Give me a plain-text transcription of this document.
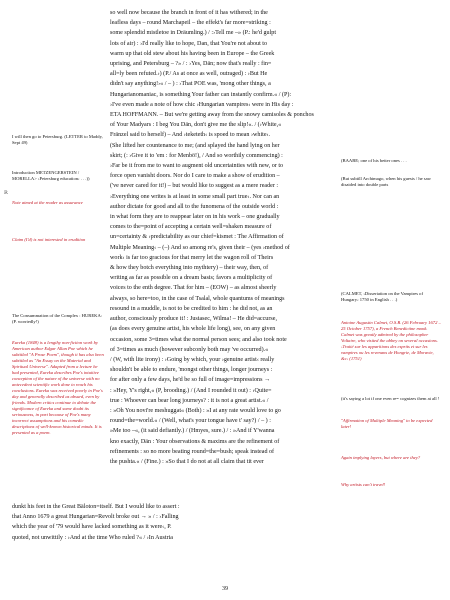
R
so well now because the branch in front of it has withered; in the
leafless days – round Marchapeil – the effekt's far more=striking :
some splendid mistletoe in Dräumling.) / :›Tell me –» (P.: he'd gulpt
lots of air) : ›I'd really like to hope, Dan, that You're not about to
warm up that old stew about his having been in Europe – the Greek
uprising, and Petersburg – ?» / : ›Yes, Dän; now that's really : fin=
all=ly been refuted.›) (P./ As at once as well, outraged) : ›But He
didn't say anything!›« / – ) : ›That POE was, 'mong other things, a
Hungarianomaniac, is something Your father can instantly confirm.« / (P):
›I've even made a note of how chic ›Hungarian vampires‹ were in His day :
ETA HOFFMANN. – But we're getting away from the snowy camisoles & ponchos
of Your Madyars : I beg You Dän, don't give me the slip!«. / (›White,«
Fränzel said to herself) – And ›teketeth‹ is spoed to mean ›white‹.
(She lifted her countenance to me; (and splayed the hand lying on her
skirt; (: ›Give it to 'em : for Menbö!), / And so worthily commencing) :
›Far be it from me to want to augment old uncertainties with new, or to
force open vanisht doors. Nor do I care to make a show of erudition –
('ve never cared for it!) – but would like to suggest as a mere reader :
›Everything one writes is at least in some small part true‹. Nor can an
author dictate for good and all to the funomena of the outside world :
in what form they are to reappear later on in his work – one gradually
comes to the=point of accepting a certain well=shaken measure of
un=certainty & ›predictability as our chief=kismet : The Affirmation of
Multiple Meaning‹ – (–) And so among re's, given their – (yes ›method of
work‹ is far too gracious for that merry let the wagon roll of Theirs
& how they botch everything into mythtery) – their way, then, of
writing as far as possible on a dream basis; favors a multiplicity of
voices to the enth degree. That for him – (EOW) – as almost sheerly
always, so here=too, in the case of Tsalal, whole quantums of meanings
resound in a muddle, is not to be credited to him : he did not, as an
author, consciously produce it! : Justasec, Wilma! – He did=accurse,
(as does every genuine artist, his whole life long), see, on any given
occasion, some 3=times what the normal person sees; and also took note
of 3=times as much (however subconly both may 've occurred).«
/ (W, with lite irony) : ›Going by which, your ›genuine artist‹ really
shouldn't be able to endure, 'mongst other things, longer journeys :
for after only a few days, he'd be so full of image=impressions →
: »Hey, Y's right,« (P, brooding.) / (And I rounded it out) : ›Quite=
true : Whoever can bear long journeys? : it is not a great artist.« /
: »Oh You novi're meshuggat« (Both) : »I at any rate would love to go
round=the=world.« / (Well, what's your tongue have t' say?) / – ) :
»Me too –«, (it said defiantly.) / (Hmyes, sure.) / : »And if Y'wanna
kno exactly, Dän : Your observations & maxims are the refinement of
refinements : so no more beating round=the=bush; speak instead of
the pushta.« / (Fine.) : »So that I do not at all claim that tit ever
dunkt his feet in the Great Bäloton=itself. But I would like to assert :
that Anno 1679 a great Hungarian=Revolt broke out → » / : ›Falling
which the year of '79 would have lacked something as it were‹, P.
quoted, not unwittily : ›And at the time Who ruled ?« / ›In Austria
I will then go to Petersburg. (LETTER to Maddy, Sept 49)
Introduction METZENGERSTEIN / MORELLA> ›Petersburg education‹ . . .))
Note aimed at the reader as assurance
Claim (I'd) is not interested in erudition
The Consummation of the Complex : HUREKA: (P. worriedly!)
Eureka (1848) is a lengthy non-fiction work by American author Edgar Allan Poe which he subtitled "A Prose Poem", though it has also been subtitled as "An Essay on the Material and Spiritual Universe". Adapted from a lecture he had presented, Eureka describes Poe's intuitive conception of the nature of the universe with no antecedent scientific work done to reach his conclusions. Eureka was received poorly in Poe's day and generally described as absurd, even by friends. Modern critics continue to debate the significance of Eureka and some doubt its seriousness, in part because of Poe's many incorrect assumptions and his comedic descriptions of well-known historical minds. It is presented as a poem.
(BAABE; one of his better ones . . .
(But subtill Archimago, when his guests / he saw disaided into double parts
(CALMET, ›Dissertation on the Vampires of Hungary‹ 1750 in English . . .)
Antoine Augustin Calmet, O.S.B. (26 February 1672 – 25 October 1757), a French Benedictine monk. Calmet was greatly admired by the philosopher Voltaire, who visited the abbey on several occasions. ›Traité sur les apparitions des esprits et sur les vampires ou les revenans de Hongrie, de Moravie, &c‹ (1751)
(it's saying a lot if one even re= cognizes them at all !
"Affirmation of Multiple Meaning" to be expected later!
Again implying layers, but where are they?
Why artists can't travel!
39
